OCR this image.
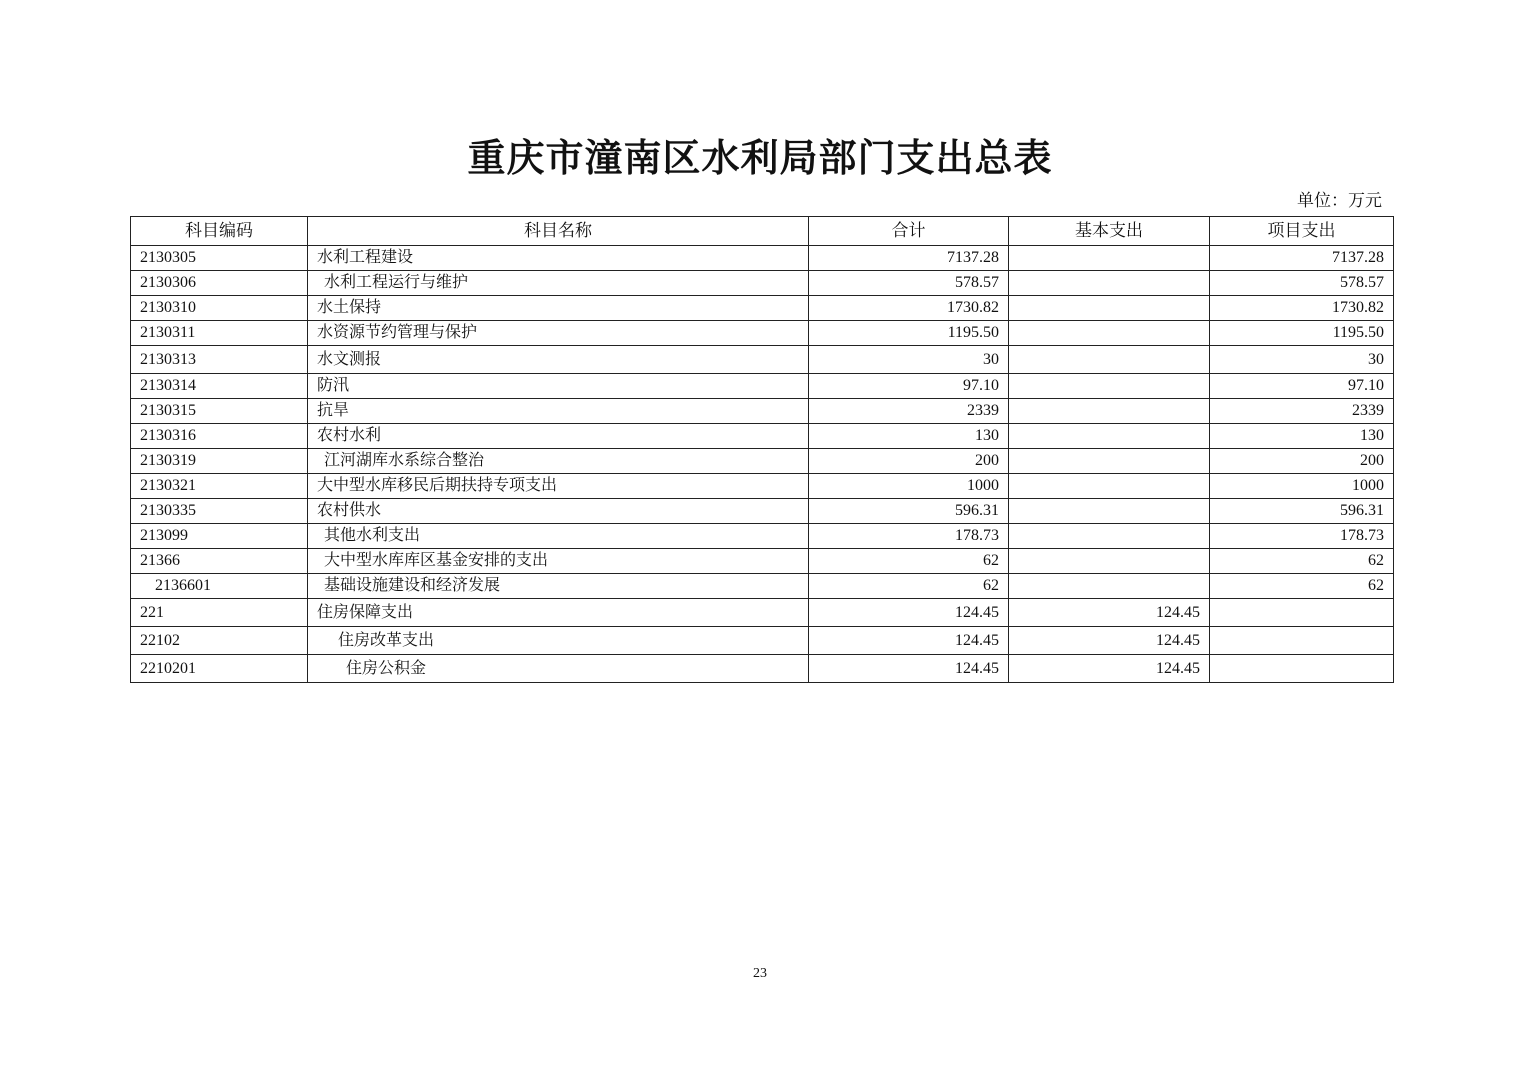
重庆市潼南区水利局部门支出总表
单位：万元
科目编码	科目名称	合计	基本支出	项目支出
2130305	水利工程建设	7137.28		7137.28
2130306	水利工程运行与维护	578.57		578.57
2130310	水土保持	1730.82		1730.82
2130311	水资源节约管理与保护	1195.50		1195.50
2130313	水文测报	30		30
2130314	防汛	97.10		97.10
2130315	抗旱	2339		2339
2130316	农村水利	130		130
2130319	江河湖库水系综合整治	200		200
2130321	大中型水库移民后期扶持专项支出	1000		1000
2130335	农村供水	596.31		596.31
213099	其他水利支出	178.73		178.73
21366	大中型水库库区基金安排的支出	62		62
2136601	基础设施建设和经济发展	62		62
221	住房保障支出	124.45	124.45	
22102	住房改革支出	124.45	124.45	
2210201	住房公积金	124.45	124.45	
23
